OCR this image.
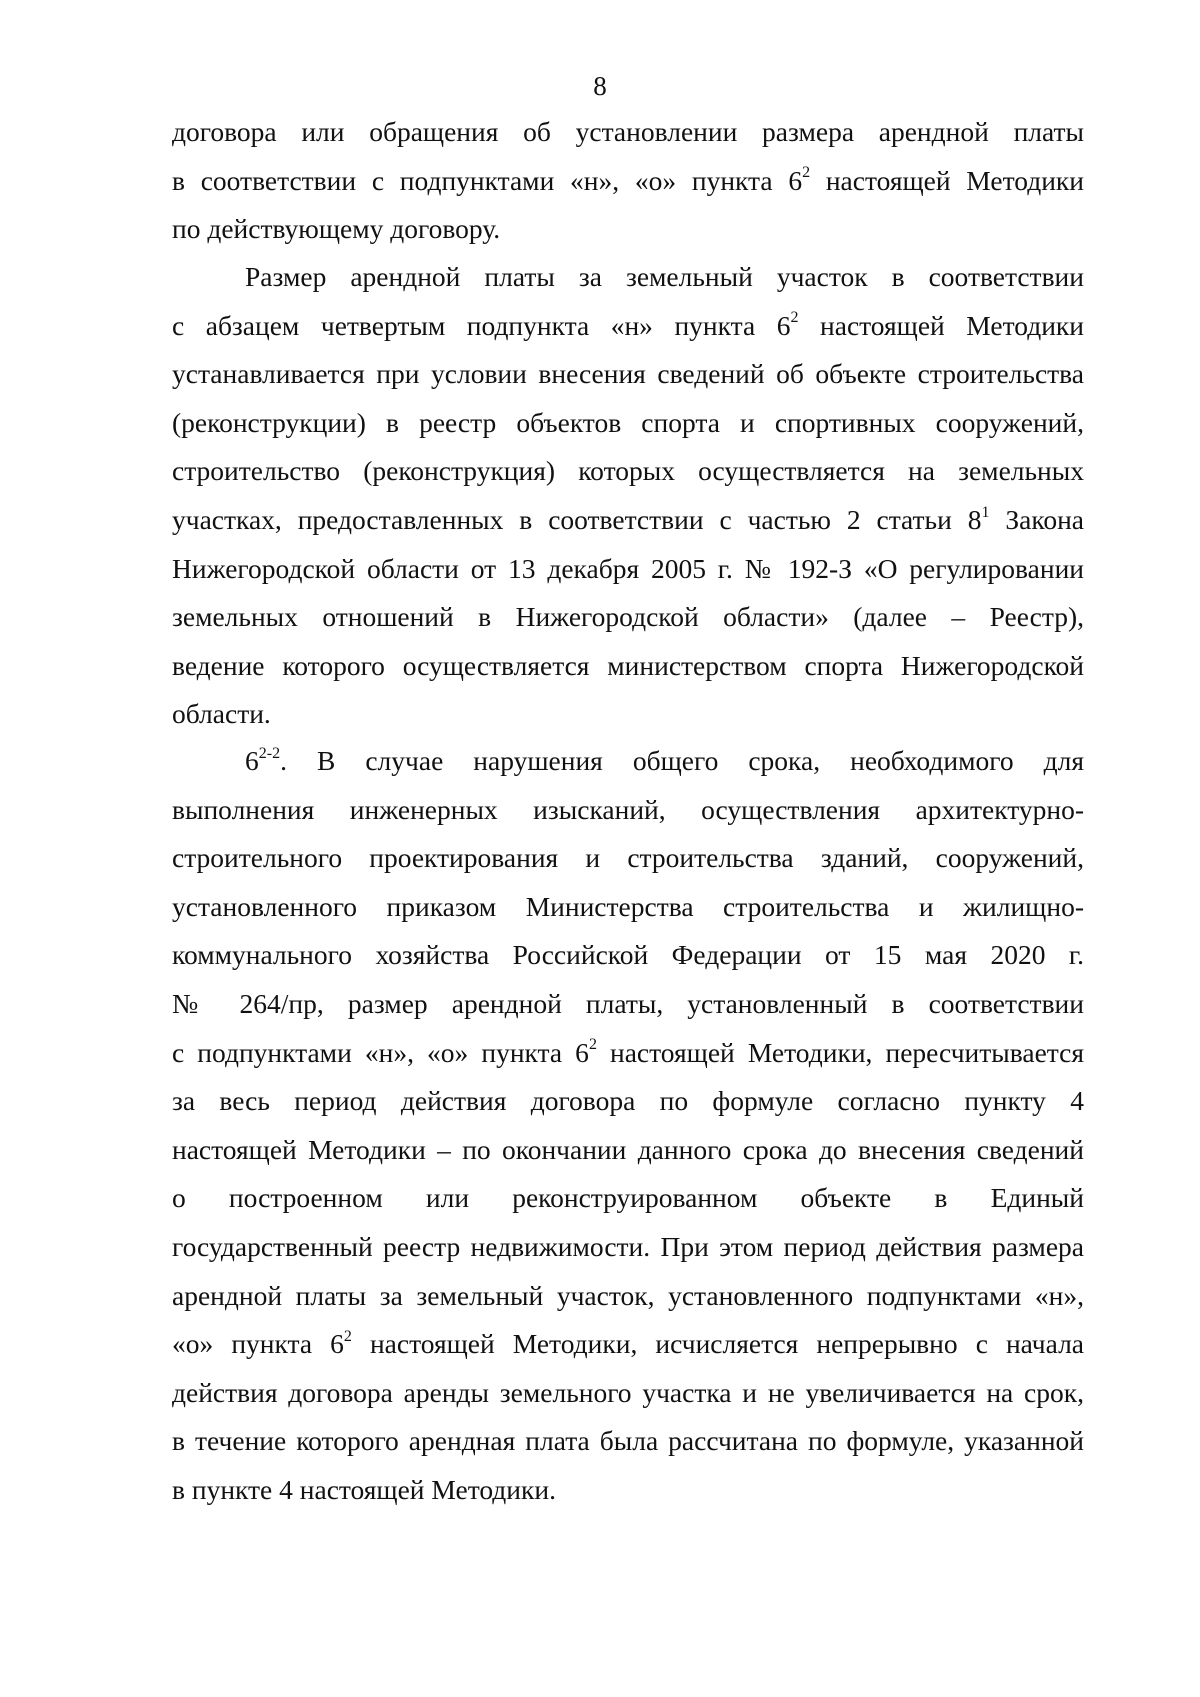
8
договора или обращения об установлении размера арендной платы
в соответствии с подпунктами «н», «о» пункта $6^2$ настоящей Методики
по действующему договору.
Размер арендной платы за земельный участок в соответствии
с абзацем четвертым подпункта «н» пункта $6^2$ настоящей Методики
устанавливается при условии внесения сведений об объекте строительства
(реконструкции) в реестр объектов спорта и спортивных сооружений,
строительство (реконструкция) которых осуществляется на земельных
участках, предоставленных в соответствии с частью 2 статьи $8^1$ Закона
Нижегородской области от 13 декабря 2005 г. № 192-З «О регулировании
земельных отношений в Нижегородской области» (далее – Реестр),
ведение которого осуществляется министерством спорта Нижегородской
области.
6$^{2-2}$. В случае нарушения общего срока, необходимого для
выполнения инженерных изысканий, осуществления архитектурно-
строительного проектирования и строительства зданий, сооружений,
установленного приказом Министерства строительства и жилищно-
коммунального хозяйства Российской Федерации от 15 мая 2020 г.
№ 264/пр, размер арендной платы, установленный в соответствии
с подпунктами «н», «о» пункта $6^2$ настоящей Методики, пересчитывается
за весь период действия договора по формуле согласно пункту 4
настоящей Методики – по окончании данного срока до внесения сведений
о построенном или реконструированном объекте в Единый
государственный реестр недвижимости. При этом период действия размера
арендной платы за земельный участок, установленного подпунктами «н»,
«о» пункта $6^2$ настоящей Методики, исчисляется непрерывно с начала
действия договора аренды земельного участка и не увеличивается на срок,
в течение которого арендная плата была рассчитана по формуле, указанной
в пункте 4 настоящей Методики.
